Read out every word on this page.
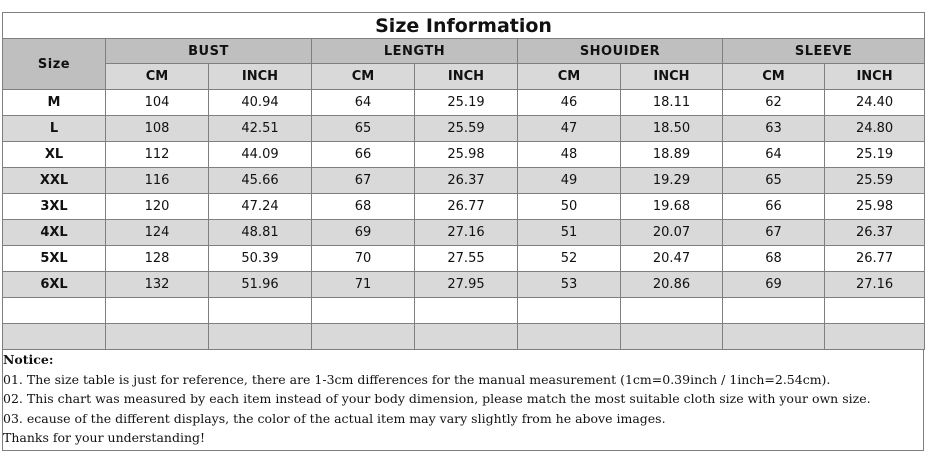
Size Information								
Size	BUST		LENGTH		SHOUIDER		SLEEVE	
	CM	INCH	CM	INCH	CM	INCH	CM	INCH
M	104	40.94	64	25.19	46	18.11	62	24.40
L	108	42.51	65	25.59	47	18.50	63	24.80
XL	112	44.09	66	25.98	48	18.89	64	25.19
XXL	116	45.66	67	26.37	49	19.29	65	25.59
3XL	120	47.24	68	26.77	50	19.68	66	25.98
4XL	124	48.81	69	27.16	51	20.07	67	26.37
5XL	128	50.39	70	27.55	52	20.47	68	26.77
6XL	132	51.96	71	27.95	53	20.86	69	27.16

Notice:
01. The size table is just for reference, there are 1-3cm differences for the manual measurement (1cm=0.39inch / 1inch=2.54cm).
02. This chart was measured by each item instead of your body dimension, please match the most suitable cloth size with your own size.
03. ecause of the different displays, the color of the actual item may vary slightly from he above images.
Thanks for your understanding!
